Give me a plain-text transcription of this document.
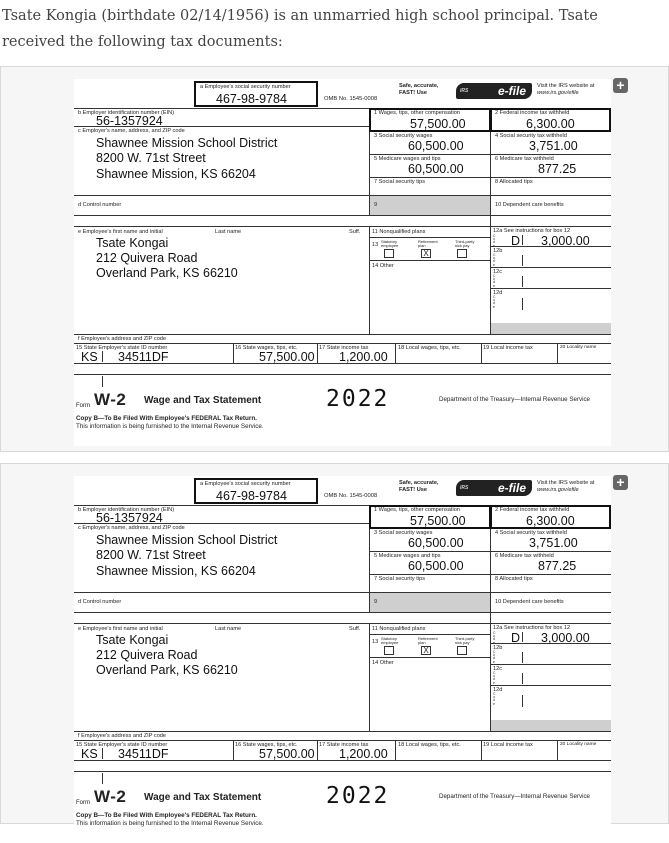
Tsate Kongia (birthdate 02/14/1956) is an unmarried high school principal. Tsate received the following tax documents:
+
a Employee's social security number
467-98-9784	OMB No. 1545-0008
Safe, accurate,
FAST! Use	IRS e-file	Visit the IRS website at
www.irs.gov/efile
b Employer identification number (EIN)
56-1357924
c Employer's name, address, and ZIP code
Shawnee Mission School District
8200 W. 71st Street
Shawnee Mission, KS 66204
1 Wages, tips, other compensation
57,500.00
2 Federal income tax withheld
6,300.00
3 Social security wages
60,500.00
4 Social security tax withheld
3,751.00
5 Medicare wages and tips
60,500.00
6 Medicare tax withheld
877.25
7 Social security tips	8 Allocated tips
d Control number	9	10 Dependent care benefits
e Employee's first name and initial	Last name	Suff.
Tsate Kongai
212 Quivera Road
Overland Park, KS 66210
11 Nonqualified plans
13
Statutory employee
Retirement plan
Third-party sick pay
X
14 Other
12a See instructions for box 12
C o d e D 3,000.00
12b
C o d e
12c
C o d e
12d
C o d e
f Employee's address and ZIP code
15 State Employer's state ID number
KS 34511DF
16 State wages, tips, etc.
57,500.00
17 State income tax
1,200.00
18 Local wages, tips, etc.	19 Local income tax	20 Locality name
Form W-2 Wage and Tax Statement	2022	Department of the Treasury—Internal Revenue Service
Copy B—To Be Filed With Employee's FEDERAL Tax Return.
This information is being furnished to the Internal Revenue Service.
+
a Employee's social security number
467-98-9784	OMB No. 1545-0008
Safe, accurate,
FAST! Use	IRS e-file	Visit the IRS website at
www.irs.gov/efile
b Employer identification number (EIN)
56-1357924
c Employer's name, address, and ZIP code
Shawnee Mission School District
8200 W. 71st Street
Shawnee Mission, KS 66204
1 Wages, tips, other compensation
57,500.00
2 Federal income tax withheld
6,300.00
3 Social security wages
60,500.00
4 Social security tax withheld
3,751.00
5 Medicare wages and tips
60,500.00
6 Medicare tax withheld
877.25
7 Social security tips	8 Allocated tips
d Control number	9	10 Dependent care benefits
e Employee's first name and initial	Last name	Suff.
Tsate Kongai
212 Quivera Road
Overland Park, KS 66210
11 Nonqualified plans
13
Statutory employee
Retirement plan
Third-party sick pay
X
14 Other
12a See instructions for box 12
C o d e D 3,000.00
12b
C o d e
12c
C o d e
12d
C o d e
f Employee's address and ZIP code
15 State Employer's state ID number
KS 34511DF
16 State wages, tips, etc.
57,500.00
17 State income tax
1,200.00
18 Local wages, tips, etc.	19 Local income tax	20 Locality name
Form W-2 Wage and Tax Statement	2022	Department of the Treasury—Internal Revenue Service
Copy B—To Be Filed With Employee's FEDERAL Tax Return.
This information is being furnished to the Internal Revenue Service.
